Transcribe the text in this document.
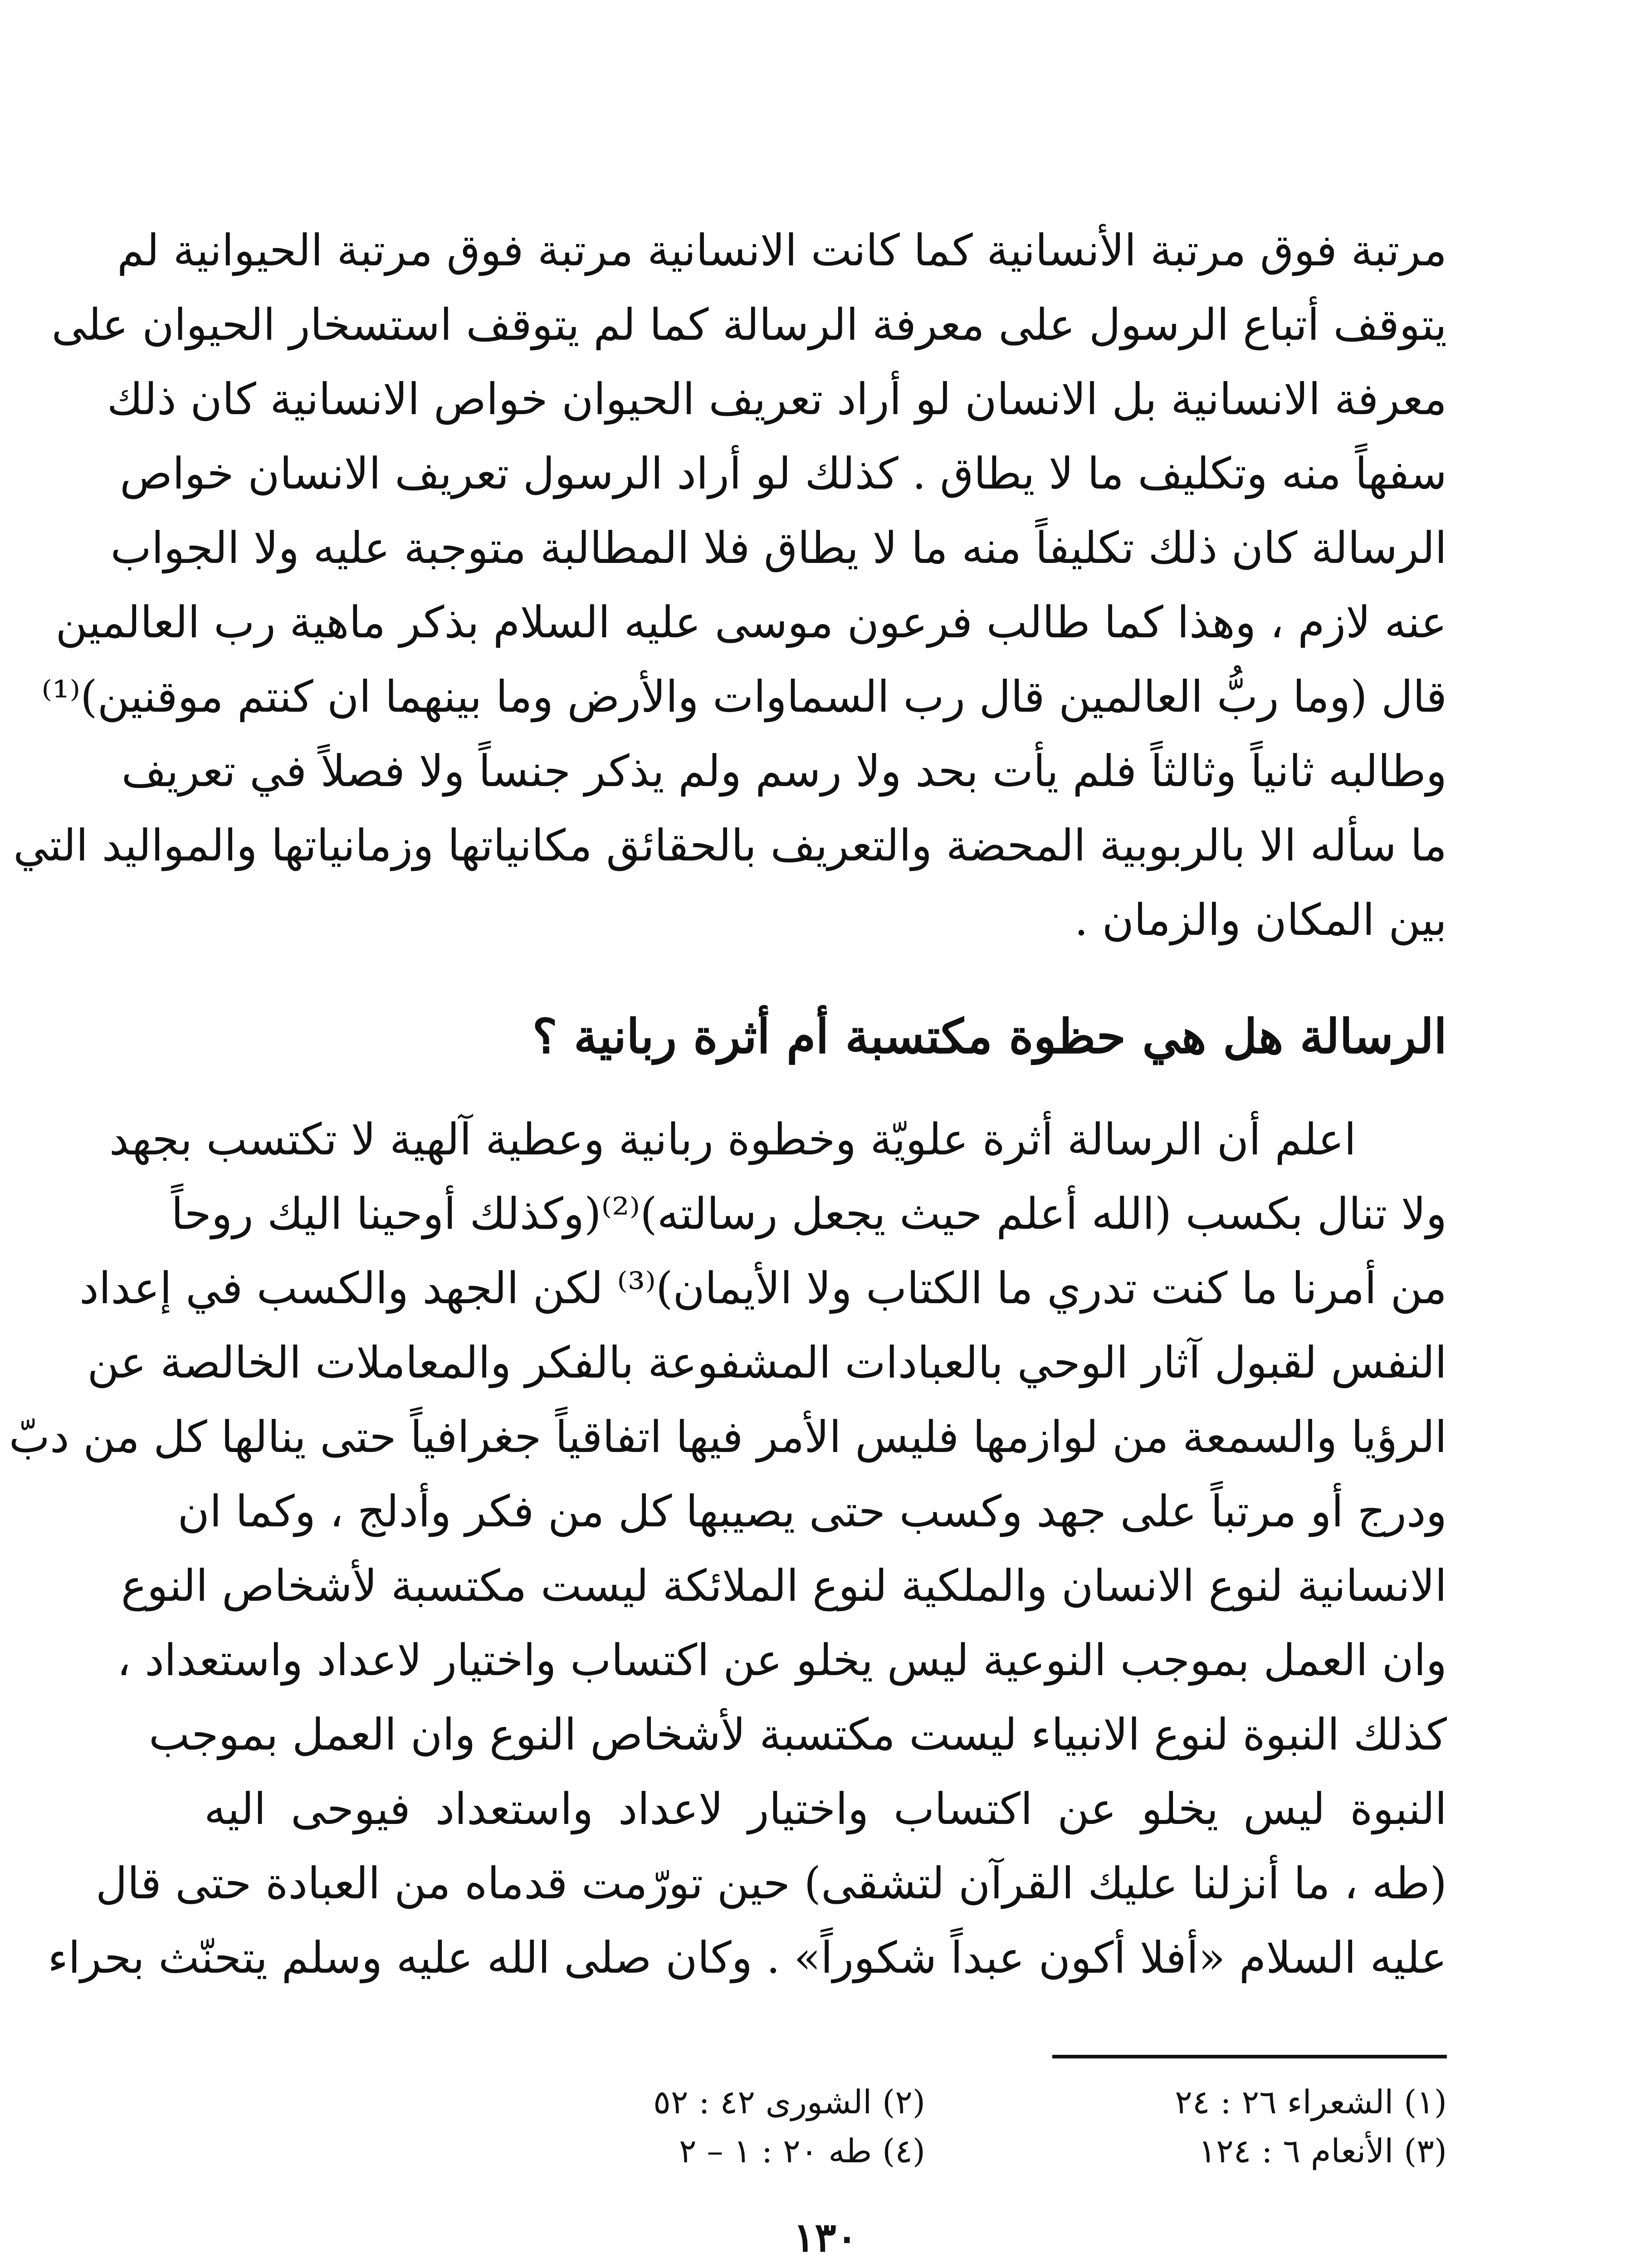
مرتبة فوق مرتبة الأنسانية كما كانت الانسانية مرتبة فوق مرتبة الحيوانية لم
يتوقف أتباع الرسول على معرفة الرسالة كما لم يتوقف استسخار الحيوان على
معرفة الانسانية بل الانسان لو أراد تعريف الحيوان خواص الانسانية كان ذلك
سفهاً منه وتكليف ما لا يطاق . كذلك لو أراد الرسول تعريف الانسان خواص
الرسالة كان ذلك تكليفاً منه ما لا يطاق فلا المطالبة متوجبة عليه ولا الجواب
عنه لازم ، وهذا كما طالب فرعون موسى عليه السلام بذكر ماهية رب العالمين
قال (وما ربُّ العالمين قال رب السماوات والأرض وما بينهما ان كنتم موقنين)⁽¹⁾
وطالبه ثانياً وثالثاً فلم يأت بحد ولا رسم ولم يذكر جنساً ولا فصلاً في تعريف
ما سأله الا بالربوبية المحضة والتعريف بالحقائق مكانياتها وزمانياتها والمواليد التي
بين المكان والزمان .
الرسالة هل هي حظوة مكتسبة أم أثرة ربانية ؟
اعلم أن الرسالة أثرة علويّة وخطوة ربانية وعطية آلهية لا تكتسب بجهد
ولا تنال بكسب (الله أعلم حيث يجعل رسالته)⁽²⁾(وكذلك أوحينا اليك روحاً
من أمرنا ما كنت تدري ما الكتاب ولا الأيمان)⁽³⁾ لكن الجهد والكسب في إعداد
النفس لقبول آثار الوحي بالعبادات المشفوعة بالفكر والمعاملات الخالصة عن
الرؤيا والسمعة من لوازمها فليس الأمر فيها اتفاقياً جغرافياً حتى ينالها كل من دبّ
ودرج أو مرتباً على جهد وكسب حتى يصيبها كل من فكر وأدلج ، وكما ان
الانسانية لنوع الانسان والملكية لنوع الملائكة ليست مكتسبة لأشخاص النوع
وان العمل بموجب النوعية ليس يخلو عن اكتساب واختيار لاعداد واستعداد ،
كذلك النبوة لنوع الانبياء ليست مكتسبة لأشخاص النوع وان العمل بموجب
النبوة ليس يخلو عن اكتساب واختيار لاعداد واستعداد فيوحى اليه
(طه ، ما أنزلنا عليك القرآن لتشقى) حين تورّمت قدماه من العبادة حتى قال
عليه السلام «أفلا أكون عبداً شكوراً» . وكان صلى الله عليه وسلم يتحنّث بحراء
(١) الشعراء ٢٦ : ٢٤
(٢) الشورى ٤٢ : ٥٢
(٣) الأنعام ٦ : ١٢٤
(٤) طه ٢٠ : ١ – ٢
١٣٠
